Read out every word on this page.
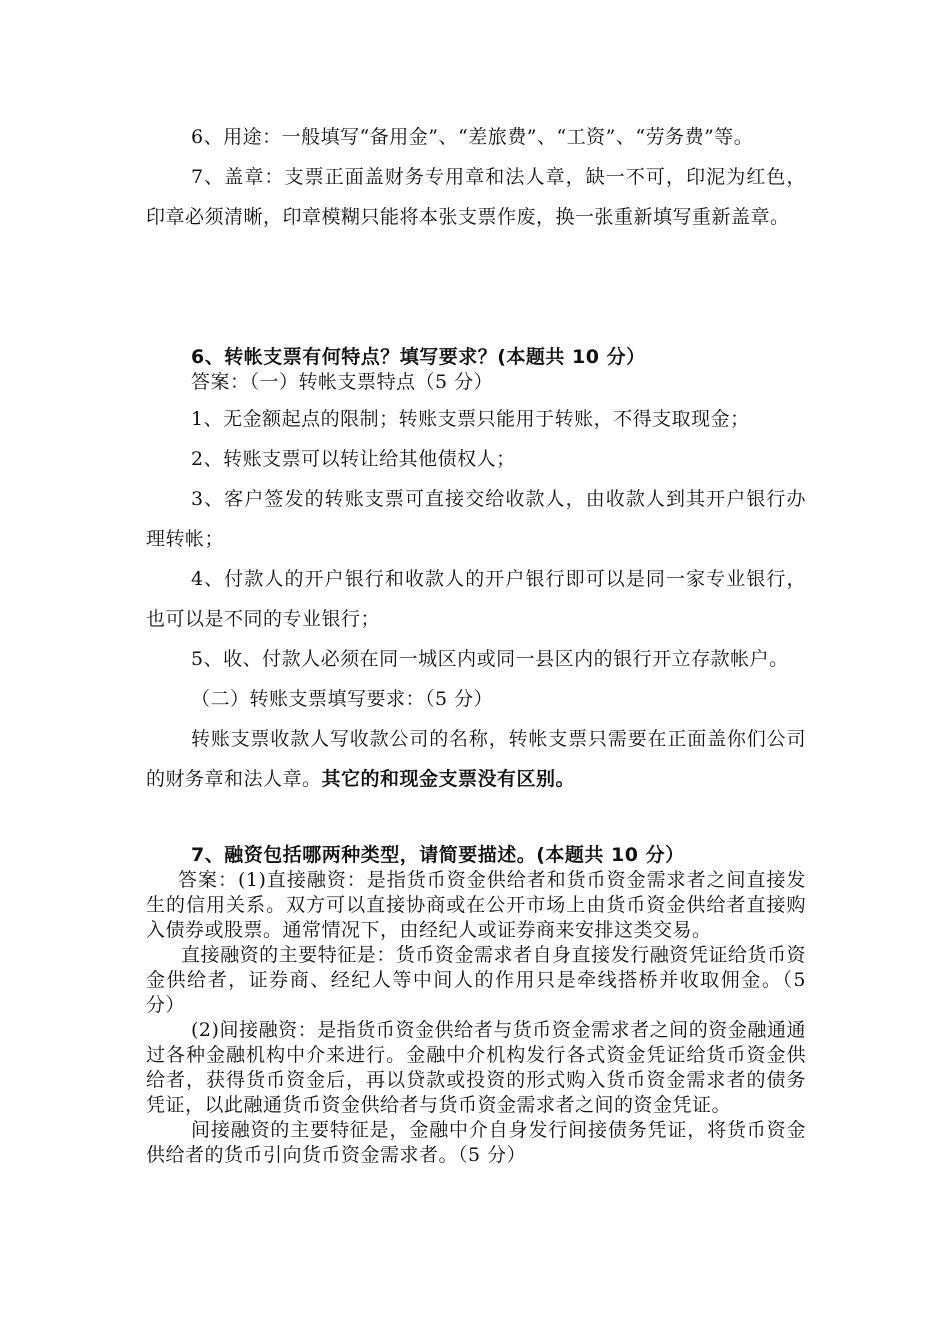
6、用途：一般填写“备用金”、“差旅费”、“工资”、“劳务费”等。

7、盖章：支票正面盖财务专用章和法人章，缺一不可，印泥为红色，印章必须清晰，印章模糊只能将本张支票作废，换一张重新填写重新盖章。

6、转帐支票有何特点？填写要求？(本题共 10 分）

答案：（一）转帐支票特点（5 分）

1、无金额起点的限制；转账支票只能用于转账，不得支取现金；

2、转账支票可以转让给其他债权人；

3、客户签发的转账支票可直接交给收款人，由收款人到其开户银行办理转帐；

4、付款人的开户银行和收款人的开户银行即可以是同一家专业银行，也可以是不同的专业银行；

5、收、付款人必须在同一城区内或同一县区内的银行开立存款帐户。

（二）转账支票填写要求：（5 分）

转账支票收款人写收款公司的名称，转帐支票只需要在正面盖你们公司的财务章和法人章。其它的和现金支票没有区别。

7、融资包括哪两种类型，请简要描述。(本题共 10 分）

答案：(1)直接融资：是指货币资金供给者和货币资金需求者之间直接发生的信用关系。双方可以直接协商或在公开市场上由货币资金供给者直接购入债券或股票。通常情况下，由经纪人或证券商来安排这类交易。

直接融资的主要特征是：货币资金需求者自身直接发行融资凭证给货币资金供给者，证券商、经纪人等中间人的作用只是牵线搭桥并收取佣金。（5 分）

(2)间接融资：是指货币资金供给者与货币资金需求者之间的资金融通通过各种金融机构中介来进行。金融中介机构发行各式资金凭证给货币资金供给者，获得货币资金后，再以贷款或投资的形式购入货币资金需求者的债务凭证，以此融通货币资金供给者与货币资金需求者之间的资金凭证。

间接融资的主要特征是，金融中介自身发行间接债务凭证，将货币资金供给者的货币引向货币资金需求者。（5 分）
